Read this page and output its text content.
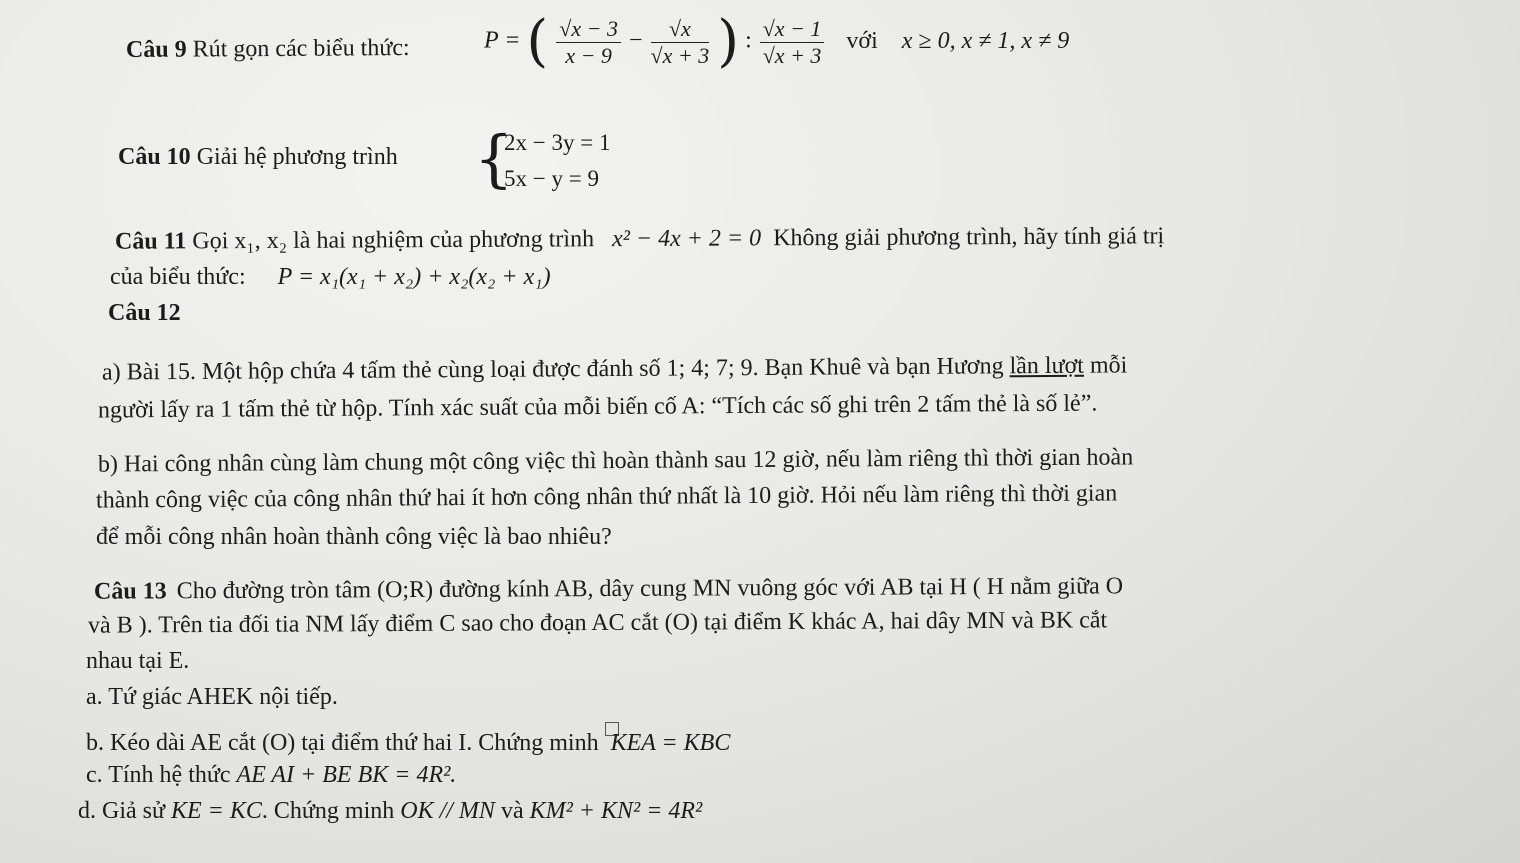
Câu 9 Rút gọn các biểu thức:	P = ( $\frac{√x - 3}{x - 9} - \frac{√x}{√x + 3}$ ) : $\frac{√x - 1}{√x + 3}$ với x ≥ 0, x ≠ 1, x ≠ 9
Câu 10 Giải hệ phương trình {
2x − 3y = 1
5x − y = 9
Câu 11 Gọi x₁, x₂ là hai nghiệm của phương trình x² − 4x + 2 = 0 Không giải phương trình, hãy tính giá trị
của biểu thức: P = x₁(x₁ + x₂) + x₂(x₂ + x₁)
Câu 12
a) Bài 15. Một hộp chứa 4 tấm thẻ cùng loại được đánh số 1; 4; 7; 9. Bạn Khuê và bạn Hương lần lượt mỗi
người lấy ra 1 tấm thẻ từ hộp. Tính xác suất của mỗi biến cố A: “Tích các số ghi trên 2 tấm thẻ là số lẻ”.
b) Hai công nhân cùng làm chung một công việc thì hoàn thành sau 12 giờ, nếu làm riêng thì thời gian hoàn
thành công việc của công nhân thứ hai ít hơn công nhân thứ nhất là 10 giờ. Hỏi nếu làm riêng thì thời gian
để mỗi công nhân hoàn thành công việc là bao nhiêu?
Câu 13 Cho đường tròn tâm (O;R) đường kính AB, dây cung MN vuông góc với AB tại H ( H nằm giữa O
và B ). Trên tia đối tia NM lấy điểm C sao cho đoạn AC cắt (O) tại điểm K khác A, hai dây MN và BK cắt
nhau tại E.
a. Tứ giác AHEK nội tiếp.
b. Kéo dài AE cắt (O) tại điểm thứ hai I. Chứng minh KEA = KBC
c. Tính hệ thức AE AI + BE BK = 4R².
d. Giả sử KE = KC. Chứng minh OK // MN và KM² + KN² = 4R²
